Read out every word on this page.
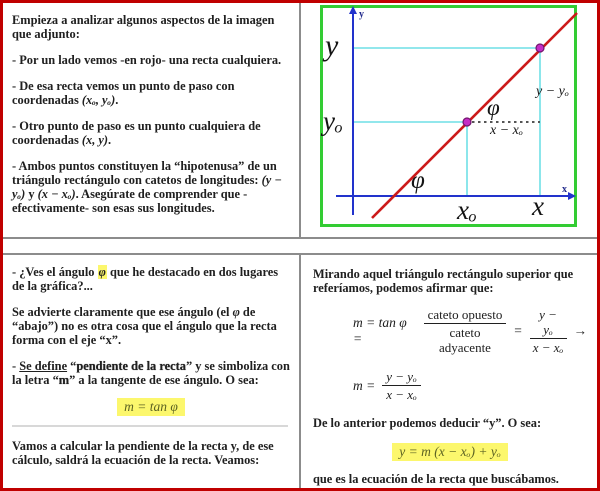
Empieza a analizar algunos aspectos de la imagen que adjunto:

- Por un lado vemos -en rojo- una recta cualquiera.

- De esa recta vemos un punto de paso con coordenadas (xₒ, yₒ).

- Otro punto de paso es un punto cualquiera de coordenadas (x, y).

- Ambos puntos constituyen la “hipotenusa” de un triángulo rectángulo con catetos de longitudes: (y − yₒ) y (x − xₒ). Asegúrate de comprender que -efectivamente- son esas sus longitudes.

y
x
y
yₒ
xₒ x
φ
φ
y − yₒ
x − xₒ

- ¿Ves el ángulo φ que he destacado en dos lugares de la gráfica?...

Se advierte claramente que ese ángulo (el φ de “abajo”) no es otra cosa que el ángulo que la recta forma con el eje “x”.

- Se define “pendiente de la recta” y se simboliza con la letra “m” a la tangente de ese ángulo. O sea:

m = tan φ

Vamos a calcular la pendiente de la recta y, de ese cálculo, saldrá la ecuación de la recta. Veamos:

Mirando aquel triángulo rectángulo superior que referíamos, podemos afirmar que:

m = tan φ =	$\frac{\text{cateto opuesto}}{\text{cateto adyacente}} = \frac{\text{y − yₒ}}{\text{x − xₒ}}$ →
$m = \frac{\text{y − yₒ}}{\text{x − xₒ}}$

De lo anterior podemos deducir “y”. O sea:

y = m (x − xₒ) + yₒ

que es la ecuación de la recta que buscábamos.
